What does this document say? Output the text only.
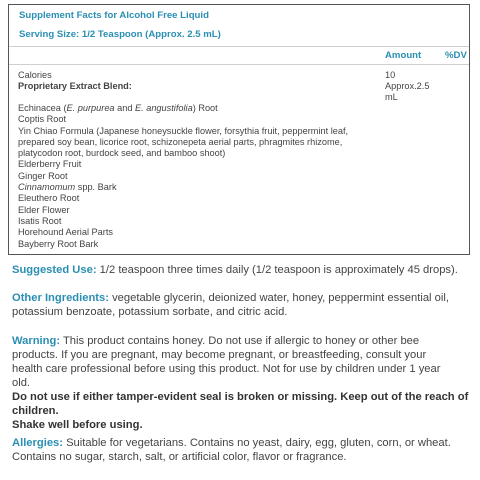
Supplement Facts for Alcohol Free Liquid
Serving Size: 1/2 Teaspoon (Approx. 2.5 mL)
Amount %DV
Calories	10
Proprietary Extract Blend:	Approx.2.5
mL
Echinacea (E. purpurea and E. angustifolia) Root
Coptis Root
Yin Chiao Formula (Japanese honeysuckle flower, forsythia fruit, peppermint leaf,
prepared soy bean, licorice root, schizonepeta aerial parts, phragmites rhizome,
platycodon root, burdock seed, and bamboo shoot)
Elderberry Fruit
Ginger Root
Cinnamomum spp. Bark
Eleuthero Root
Elder Flower
Isatis Root
Horehound Aerial Parts
Bayberry Root Bark
Suggested Use: 1/2 teaspoon three times daily (1/2 teaspoon is approximately 45 drops).
Other Ingredients: vegetable glycerin, deionized water, honey, peppermint essential oil,
potassium benzoate, potassium sorbate, and citric acid.
Warning: This product contains honey. Do not use if allergic to honey or other bee
products. If you are pregnant, may become pregnant, or breastfeeding, consult your
health care professional before using this product. Not for use by children under 1 year
old.
Do not use if either tamper-evident seal is broken or missing. Keep out of the reach of
children.
Shake well before using.
Allergies: Suitable for vegetarians. Contains no yeast, dairy, egg, gluten, corn, or wheat.
Contains no sugar, starch, salt, or artificial color, flavor or fragrance.
